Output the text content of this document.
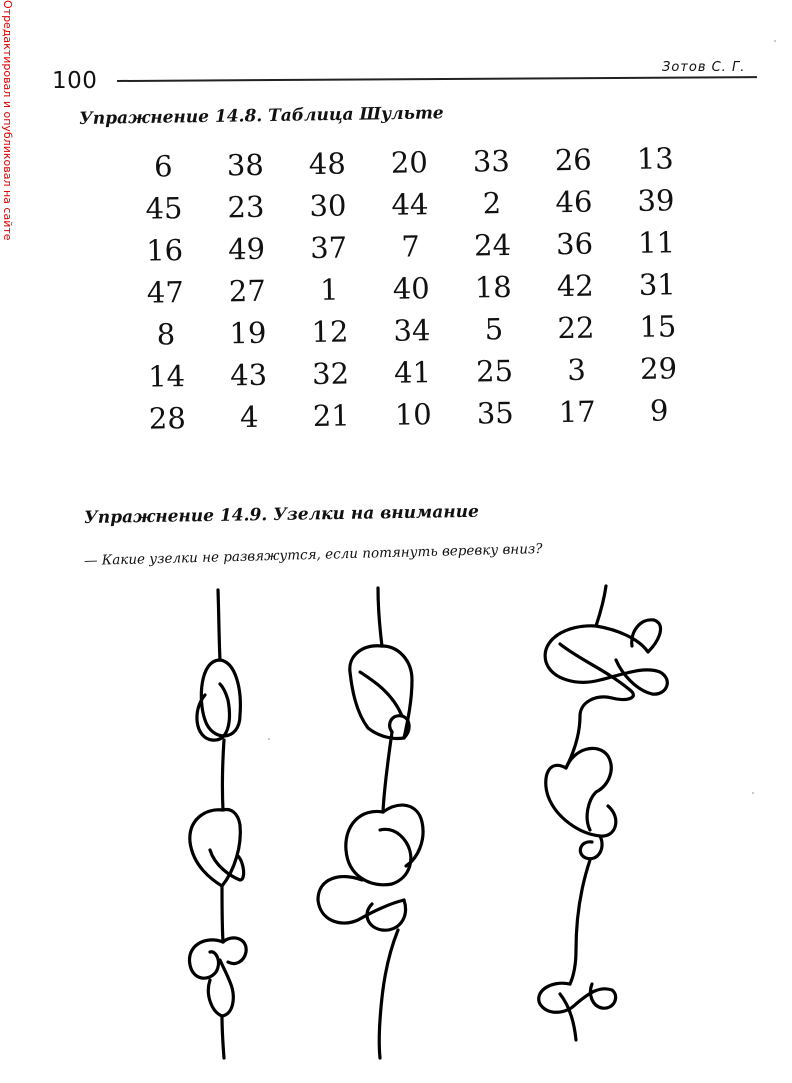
Отредактировал и опубликовал на сайте 100
Зотов С. Г.
Упражнение 14.8. Таблица Шульте
6	38	48	20	33	26	13
45	23	30	44	2	46	39
16	49	37	7	24	36	11
47	27	1	40	18	42	31
8	19	12	34	5	22	15
14	43	32	41	25	3	29
28	4	21	10	35	17	9
Упражнение 14.9. Узелки на внимание
— Какие узелки не развяжутся, если потянуть веревку вниз?
